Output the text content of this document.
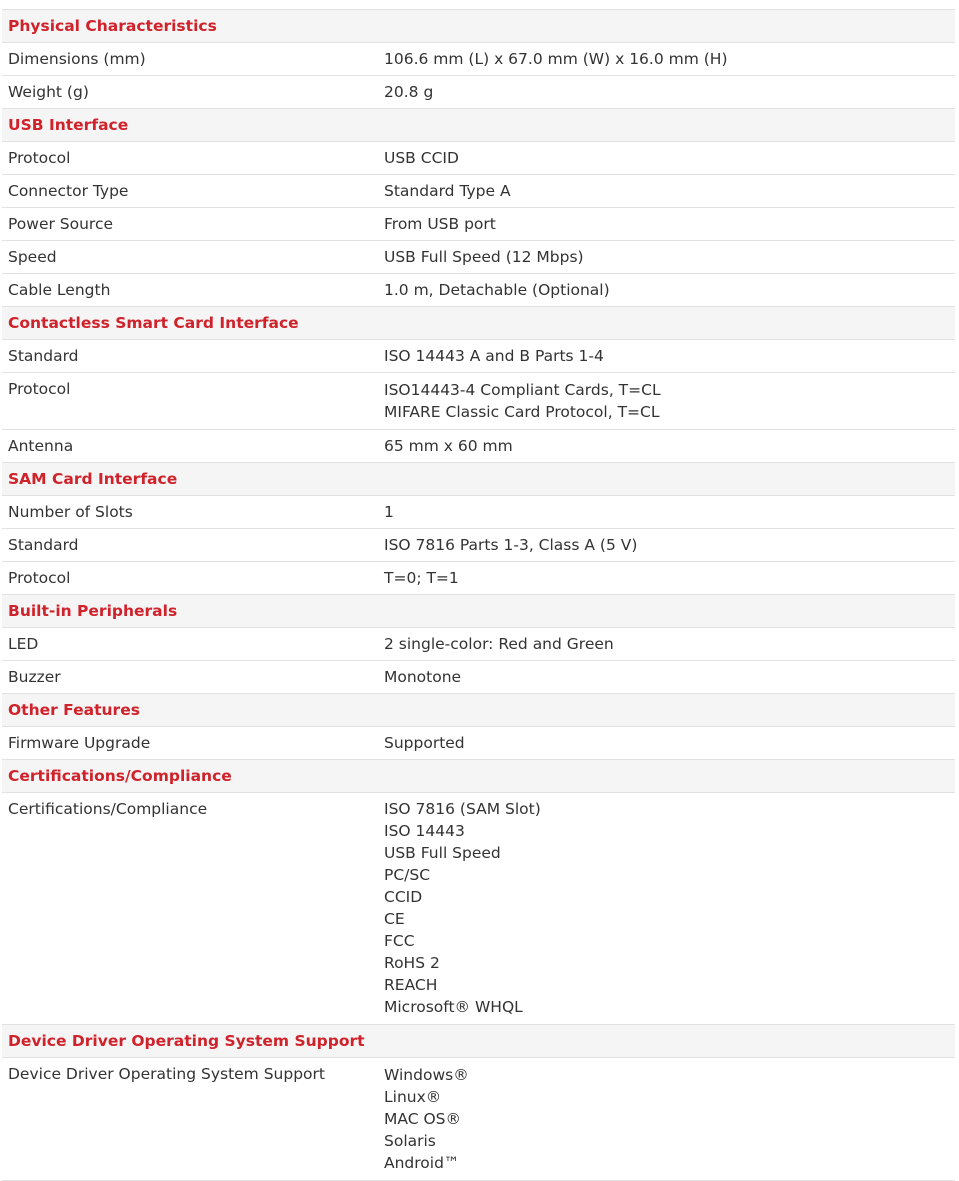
Physical Characteristics
Dimensions (mm)	106.6 mm (L) x 67.0 mm (W) x 16.0 mm (H)
Weight (g)	20.8 g
USB Interface
Protocol	USB CCID
Connector Type	Standard Type A
Power Source	From USB port
Speed	USB Full Speed (12 Mbps)
Cable Length	1.0 m, Detachable (Optional)
Contactless Smart Card Interface
Standard	ISO 14443 A and B Parts 1-4
Protocol	ISO14443-4 Compliant Cards, T=CL
MIFARE Classic Card Protocol, T=CL
Antenna	65 mm x 60 mm
SAM Card Interface
Number of Slots	1
Standard	ISO 7816 Parts 1-3, Class A (5 V)
Protocol	T=0; T=1
Built-in Peripherals
LED	2 single-color: Red and Green
Buzzer	Monotone
Other Features
Firmware Upgrade	Supported
Certifications/Compliance
Certifications/Compliance	ISO 7816 (SAM Slot)
ISO 14443
USB Full Speed
PC/SC
CCID
CE
FCC
RoHS 2
REACH
Microsoft® WHQL
Device Driver Operating System Support
Device Driver Operating System Support	Windows®
Linux®
MAC OS®
Solaris
Android™
